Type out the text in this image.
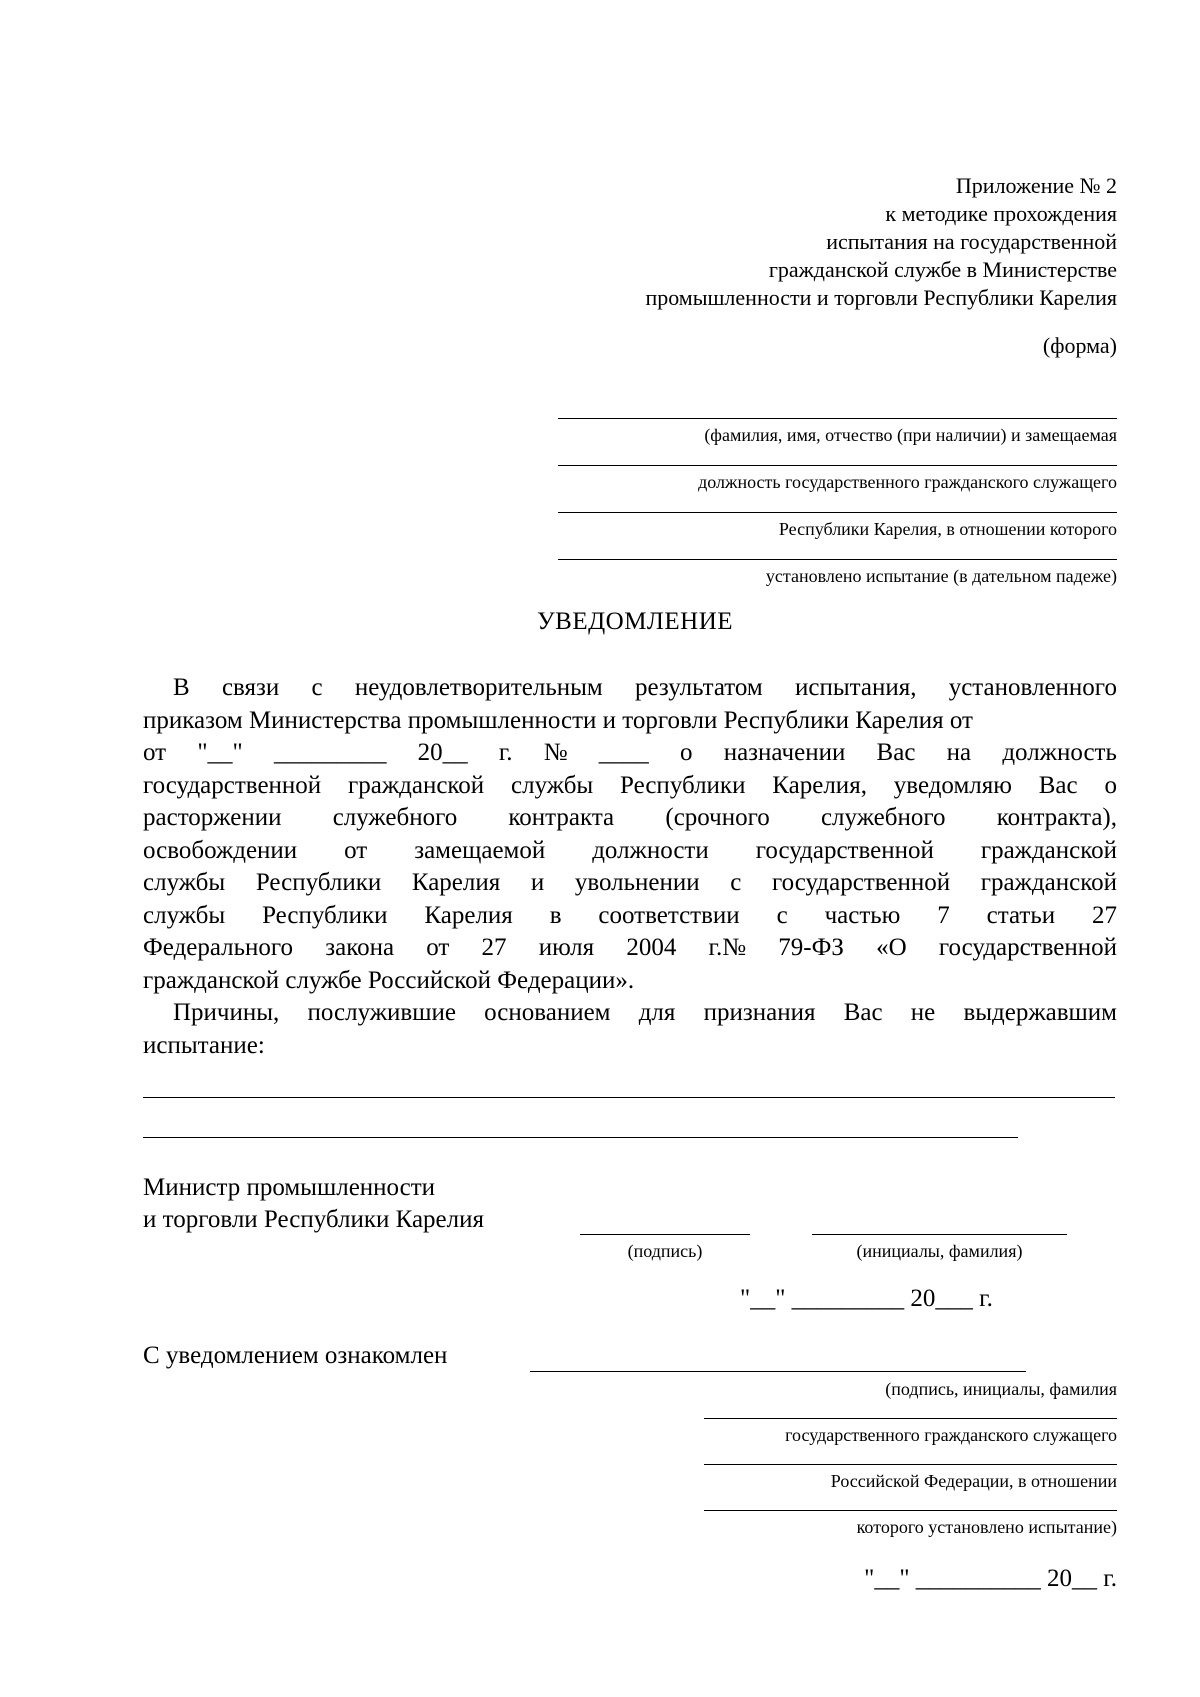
Приложение № 2
к методике прохождения
испытания на государственной
гражданской службе в Министерстве
промышленности и торговли Республики Карелия
(форма)
(фамилия, имя, отчество (при наличии) и замещаемая
должность государственного гражданского служащего
Республики Карелия, в отношении которого
установлено испытание (в дательном падеже)
УВЕДОМЛЕНИЕ
В связи с неудовлетворительным результатом испытания, установленного
приказом Министерства промышленности и торговли Республики Карелия от
от "__" _________ 20__ г. № ____ о назначении Вас на должность
государственной гражданской службы Республики Карелия, уведомляю Вас о
расторжении служебного контракта (срочного служебного контракта),
освобождении от замещаемой должности государственной гражданской
службы Республики Карелия и увольнении с государственной гражданской
службы Республики Карелия в соответствии с частью 7 статьи 27
Федерального закона от 27 июля 2004 г.№ 79-ФЗ «О государственной
гражданской службе Российской Федерации».
Причины, послужившие основанием для признания Вас не выдержавшим
испытание:
Министр промышленности
и торговли Республики Карелия
(подпись)	(инициалы, фамилия)
"__" _________ 20___ г.
С уведомлением ознакомлен
(подпись, инициалы, фамилия
государственного гражданского служащего
Российской Федерации, в отношении
которого установлено испытание)
"__" __________ 20__ г.
